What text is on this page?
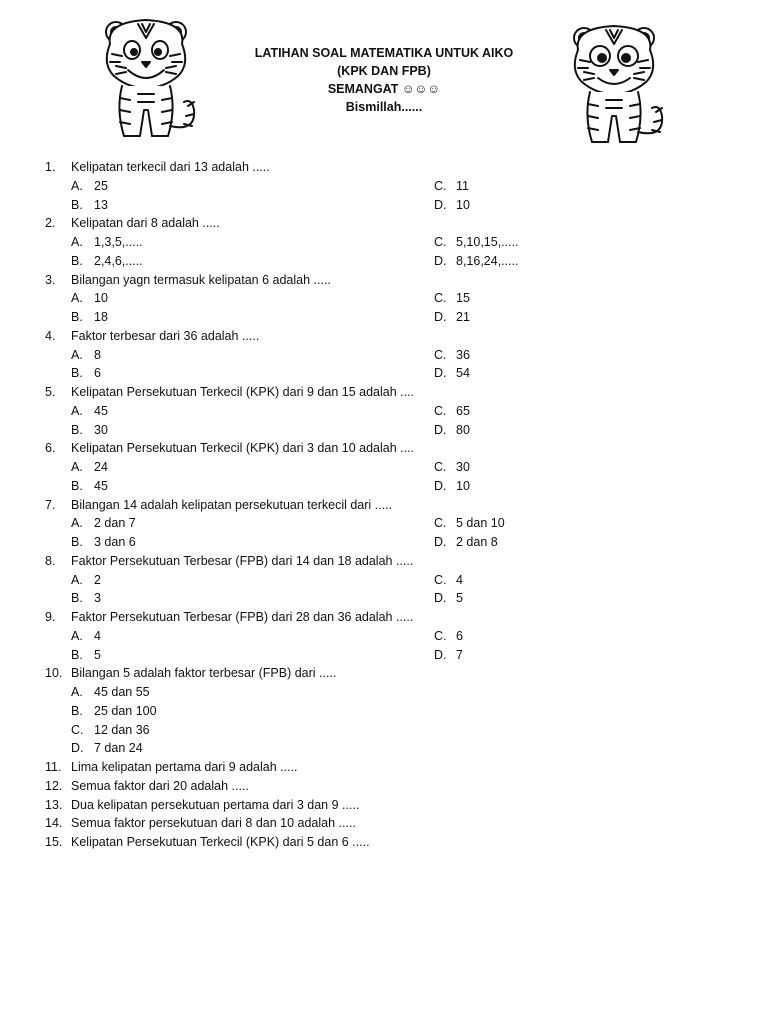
LATIHAN SOAL MATEMATIKA UNTUK AIKO
(KPK DAN FPB)
SEMANGAT ☺☺☺
Bismillah......
1. Kelipatan terkecil dari 13 adalah .....
A. 25	C. 11
B. 13	D. 10
2. Kelipatan dari 8 adalah .....
A. 1,3,5,.....	C. 5,10,15,.....
B. 2,4,6,.....	D. 8,16,24,.....
3. Bilangan yagn termasuk kelipatan 6 adalah .....
A. 10	C. 15
B. 18	D. 21
4. Faktor terbesar dari 36 adalah .....
A. 8	C. 36
B. 6	D. 54
5. Kelipatan Persekutuan Terkecil (KPK) dari 9 dan 15 adalah ....
A. 45	C. 65
B. 30	D. 80
6. Kelipatan Persekutuan Terkecil (KPK) dari 3 dan 10 adalah ....
A. 24	C. 30
B. 45	D. 10
7. Bilangan 14 adalah kelipatan persekutuan terkecil dari .....
A. 2 dan 7	C. 5 dan 10
B. 3 dan 6	D. 2 dan 8
8. Faktor Persekutuan Terbesar (FPB) dari 14 dan 18 adalah .....
A. 2	C. 4
B. 3	D. 5
9. Faktor Persekutuan Terbesar (FPB) dari 28 dan 36 adalah .....
A. 4	C. 6
B. 5	D. 7
10. Bilangan 5 adalah faktor terbesar (FPB) dari .....
A. 45 dan 55
B. 25 dan 100
C. 12 dan 36
D. 7 dan 24
11. Lima kelipatan pertama dari 9 adalah .....
12. Semua faktor dari 20 adalah .....
13. Dua kelipatan persekutuan pertama dari 3 dan 9 .....
14. Semua faktor persekutuan dari 8 dan 10 adalah .....
15. Kelipatan Persekutuan Terkecil (KPK) dari 5 dan 6 .....
